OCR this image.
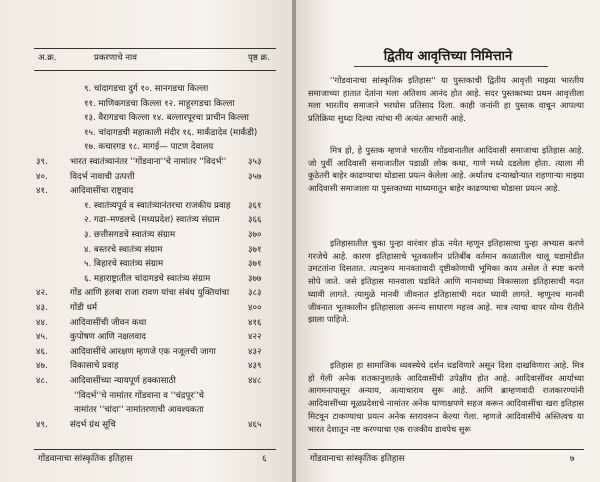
अ.क्र.	प्रकरणाचे नाव	पृष्ठ क्र.
९. चांदागडचा दुर्ग १०. सानगडचा किल्ला
११. माणिकगडचा किल्ला १२. माहूरगडचा किल्ला
१३. वैरागडचा किल्ला १४. बल्लारपूरचा प्राचीन किल्ला
१५. चांदागडची महाकाली मंदीर १६. मार्कंडादेव (मार्कंडी)
१७. कचारगड १८. मागई— पाटण देवालय
३९.	भारत स्वातंत्र्यानंतर ''गोंडवाना''चे नामांतर ''विदर्भ''	३५३
४०.	विदर्भ नावाची उत्पत्ती	३५७
४१.	आदिवासींचा राष्ट्रवाद
१. स्वातंत्र्यपूर्व व स्वातंत्र्यानंतरचा राजकीय प्रवाह ३६१
२. गढा–मण्डलचे (मध्यप्रदेश) स्वातंत्र्य संग्राम	३६६
३. छत्तीसगडचे स्वातंत्र्य संग्राम	३७०
४. बस्तरचे स्वातंत्र्य संग्राम	३७१
५. बिहारचे स्वातंत्र्य संग्राम	३७१
६. महाराष्ट्रातील चांदागडचे स्वातंत्र्य संग्राम	३७७
४२.	गोंड आणि हलबा राजा रावण यांचा संबंध युक्तियांचा ३८३
४३.	गोंडी धर्म	४००
४४.	आदिवासींची जीवन कथा	४१६
४५.	कुपोषण आणि नक्षलवाद	४२२
४६.	आदिवासींचे आरक्षण म्हणजे एक नजूलची जागा	४३२
४७.	विकासाचे प्रवाह	४३९
४८.	आदिवासींच्या न्यायपूर्ण हक्कासाठी	४४८
''विदर्भ''चे नामांतर गोंडवाना व ''चंद्रपूर''चे
नामांतर ''चांदा'' नामांतरणाची आवश्यकता
४९.	संदर्भ ग्रंथ सूचि	४६५
गोंडवानाचा सांस्कृतिक इतिहास	६
द्वितीय आवृत्तिच्या निमित्ताने

''गोंडवानाचा सांस्कृतिक इतिहास'' या पुस्तकाची द्वितीय आवृत्ती माझ्या भारतीय समाजाच्या हातात देतांना मला अतिशय आनंद होत आहे. सदर पुस्तकाच्या प्रथम आवृत्तीला मला भारतीय समाजाने भरघोस प्रतिसाद दिला. काही जनांनी हा पुस्तक वाचून आपल्या प्रतिक्रिया सुध्दा दिल्या त्यांचा मी अत्यंत आभारी आहे.

मित्र हो, हे पुस्तक म्हणजे भारतीय गोंडवानातील आदिवासी समाजाचा इतिहास आहे. जो पुर्वी आदिवासी समाजातील पडाळी लोक कथा, गाणे मध्ये दडलेला होता. त्याला मी कुठेतरी बाहेर काढण्याचा थोडासा प्रयत्न केलेला आहे. अर्थातच दऱ्याखोऱ्यात राहणाऱ्या माझ्या आदिवासी समाजाला या पुस्तकाच्या माध्यमातून बाहेर काढण्याचा थोडासा प्रयत्न आहे.

इतिहासातील चुका पुन्हा वारंवार होऊ नयेत म्हणून इतिहासाचा पुन्हा अभ्यास करणे गरजेचे आहे. कारण इतिहासाचे भूतकालीन प्रतिबींब वर्तमान काळातील चालू घडामोडीत उमटतांना दिसतात. त्यानुरूप मानवतावादी दृष्टीकोणाची भूमिका काय असेल ते स्पष्ट करणे सोपे जाते. जसे इतिहास मानवाला घडविते आणि मानवाच्या विकासाला इतिहासाची मदत घ्यावी लागते. त्यामुळे मानवी जीवनात इतिहासाची मदत घ्यावी लागते. म्हणूनच मानवी जीवनात भूतकालीन इतिहासाला अनन्य साधारण महत्त्व आहे. मात्र त्याचा वापर योग्य रीतीने झाला पाहिजे.

इतिहास हा सामाजिक व्यवस्थेचे दर्शन घडविणारे असून दिशा दाखविणारा आहे. मित्र हो गेली अनेक शतकानुशतके आदिवासींची उपेक्षीय होत आहे. आदिवासींवर आर्याच्या आगमनापासून अन्याय, अत्याचाराव सुरू आहे. आणि ब्राम्हणवादी राजकारण्यांनी आदिवासींच्या मूळप्रदेशाचे नामांतर अनेक घाणाक्षपणे सहज करून आदिवासींचा खरा इतिहास मिटवून टाकण्याचा प्रयत्न अनेक स्तरावरून केल्या गेला. म्हणजे आदिवासींचे अस्तित्वच या भारत देशातून नष्ट करण्याचा एक राजकीय डावपेच सुरू

गोंडवानाचा सांस्कृतिक इतिहास	७
